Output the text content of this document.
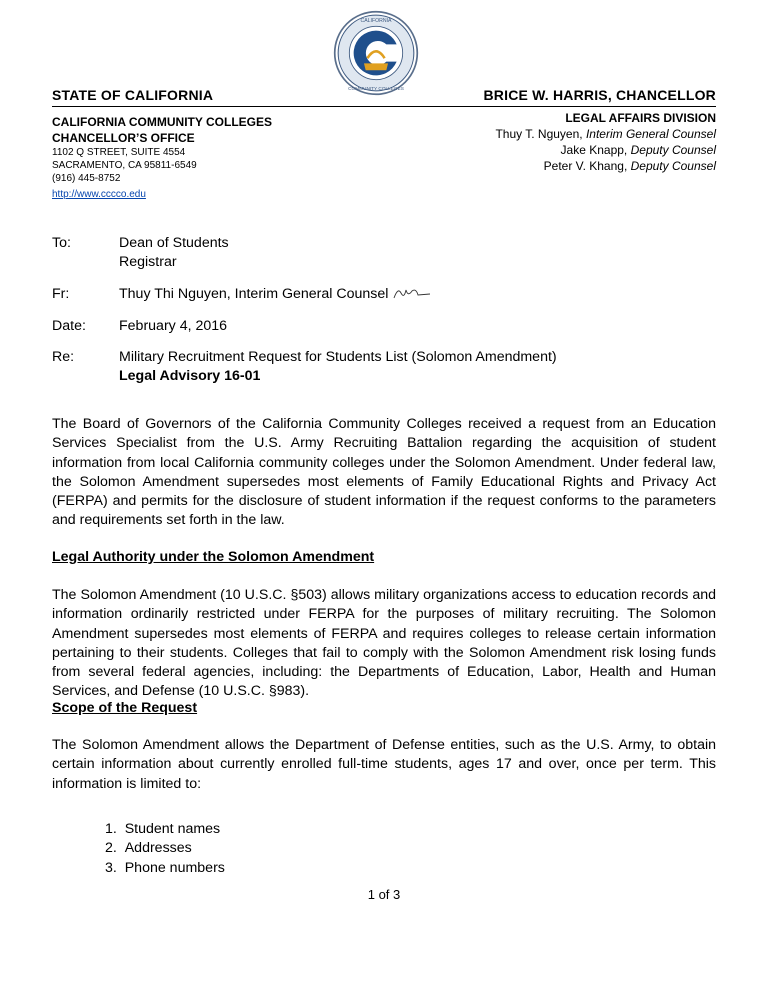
CALIFORNIA
COMMUNITY COLLEGES
STATE OF CALIFORNIA	BRICE W. HARRIS, CHANCELLOR
CALIFORNIA COMMUNITY COLLEGES
CHANCELLOR’S OFFICE
1102 Q STREET, SUITE 4554
SACRAMENTO, CA 95811-6549
(916) 445-8752
http://www.cccco.edu
LEGAL AFFAIRS DIVISION
Thuy T. Nguyen, Interim General Counsel
Jake Knapp, Deputy Counsel
Peter V. Khang, Deputy Counsel
To:	Dean of Students
Registrar
Fr:	Thuy Thi Nguyen, Interim General Counsel
Date: February 4, 2016
Re:	Military Recruitment Request for Students List (Solomon Amendment)
Legal Advisory 16-01
The Board of Governors of the California Community Colleges received a request from an Education Services Specialist from the U.S. Army Recruiting Battalion regarding the acquisition of student information from local California community colleges under the Solomon Amendment. Under federal law, the Solomon Amendment supersedes most elements of Family Educational Rights and Privacy Act (FERPA) and permits for the disclosure of student information if the request conforms to the parameters and requirements set forth in the law.
Legal Authority under the Solomon Amendment
The Solomon Amendment (10 U.S.C. §503) allows military organizations access to education records and information ordinarily restricted under FERPA for the purposes of military recruiting. The Solomon Amendment supersedes most elements of FERPA and requires colleges to release certain information pertaining to their students. Colleges that fail to comply with the Solomon Amendment risk losing funds from several federal agencies, including: the Departments of Education, Labor, Health and Human Services, and Defense (10 U.S.C. §983).
Scope of the Request
The Solomon Amendment allows the Department of Defense entities, such as the U.S. Army, to obtain certain information about currently enrolled full-time students, ages 17 and over, once per term. This information is limited to:
1.  Student names
2.  Addresses
3.  Phone numbers
1 of 3
